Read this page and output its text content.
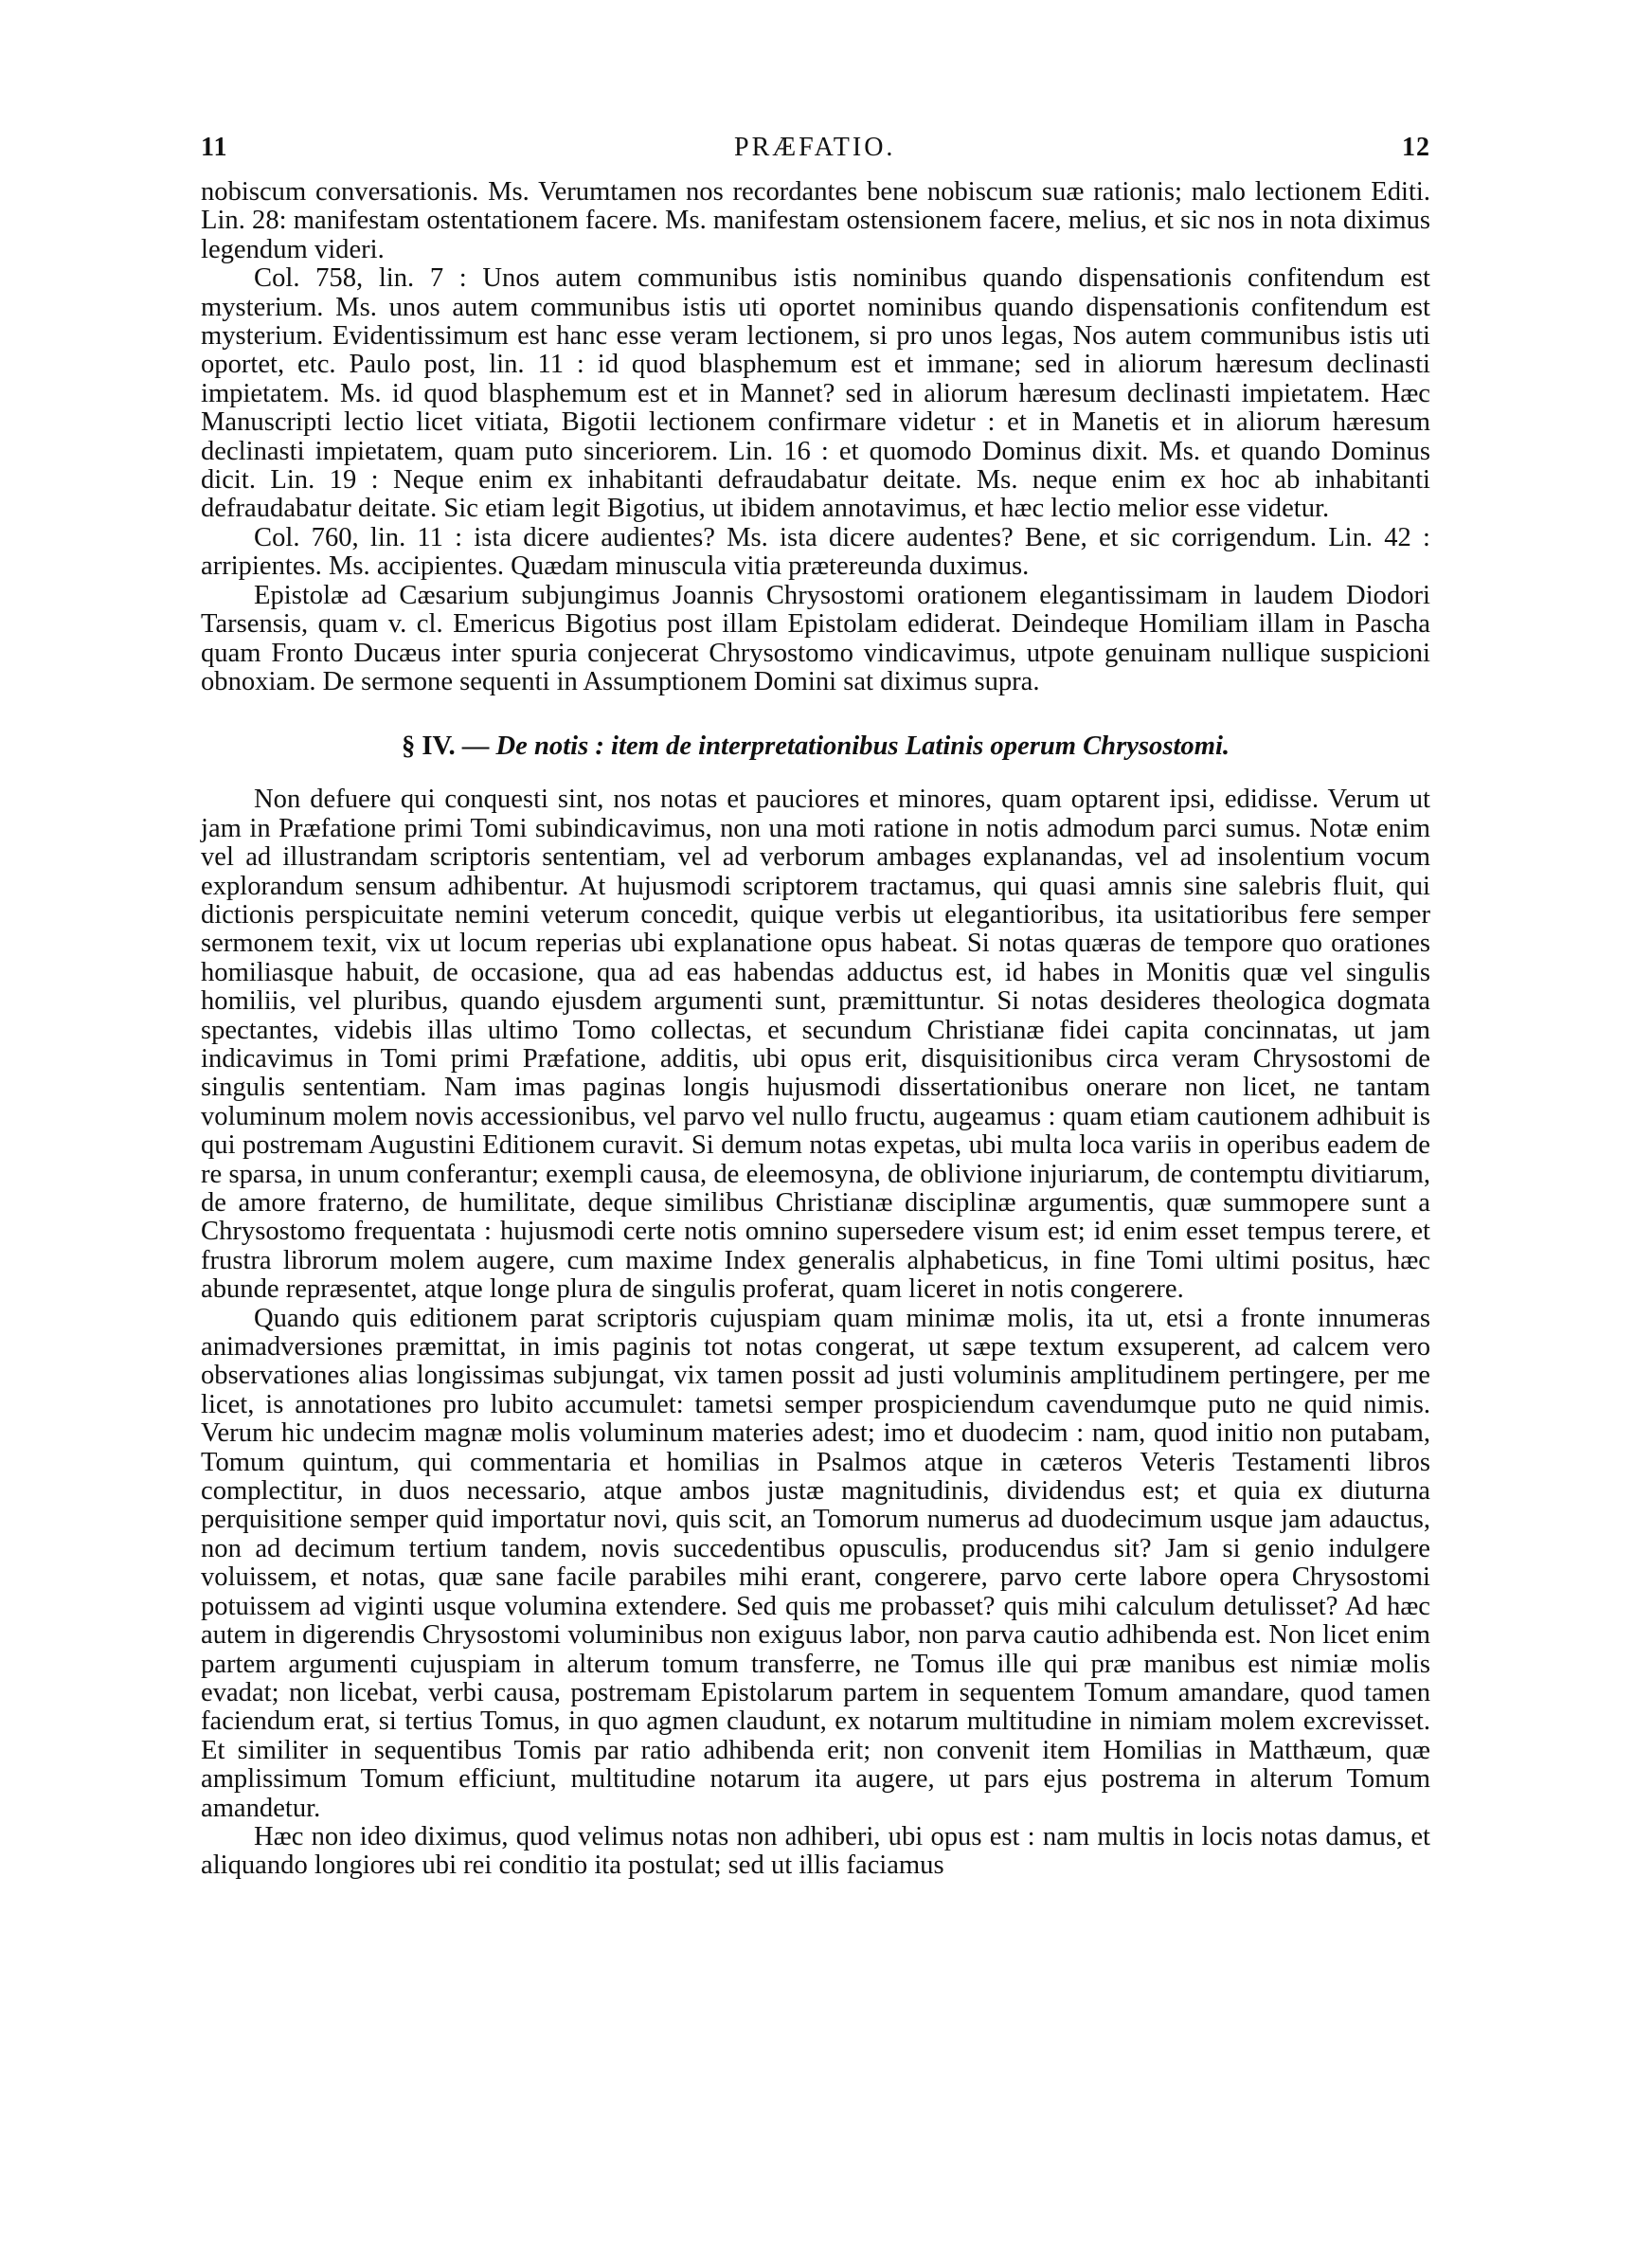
11	PRÆFATIO.	12

nobiscum conversationis. Ms. Verumtamen nos recordantes bene nobiscum suæ rationis; malo lectionem Editi. Lin. 28: manifestam ostentationem facere. Ms. manifestam ostensionem facere, melius, et sic nos in nota diximus legendum videri.

Col. 758, lin. 7 : Unos autem communibus istis nominibus quando dispensationis confitendum est mysterium. Ms. unos autem communibus istis uti oportet nominibus quando dispensationis confitendum est mysterium. Evidentissimum est hanc esse veram lectionem, si pro unos legas, Nos autem communibus istis uti oportet, etc. Paulo post, lin. 11 : id quod blasphemum est et immane; sed in aliorum hæresum declinasti impietatem. Ms. id quod blasphemum est et in Mannet? sed in aliorum hæresum declinasti impietatem. Hæc Manuscripti lectio licet vitiata, Bigotii lectionem confirmare videtur : et in Manetis et in aliorum hæresum declinasti impietatem, quam puto sinceriorem. Lin. 16 : et quomodo Dominus dixit. Ms. et quando Dominus dicit. Lin. 19 : Neque enim ex inhabitanti defraudabatur deitate. Ms. neque enim ex hoc ab inhabitanti defraudabatur deitate. Sic etiam legit Bigotius, ut ibidem annotavimus, et hæc lectio melior esse videtur.

Col. 760, lin. 11 : ista dicere audientes? Ms. ista dicere audentes? Bene, et sic corrigendum. Lin. 42 : arripientes. Ms. accipientes. Quædam minuscula vitia prætereunda duximus.

Epistolæ ad Cæsarium subjungimus Joannis Chrysostomi orationem elegantissimam in laudem Diodori Tarsensis, quam v. cl. Emericus Bigotius post illam Epistolam ediderat. Deindeque Homiliam illam in Pascha quam Fronto Ducæus inter spuria conjecerat Chrysostomo vindicavimus, utpote genuinam nullique suspicioni obnoxiam. De sermone sequenti in Assumptionem Domini sat diximus supra.

§ IV. — De notis : item de interpretationibus Latinis operum Chrysostomi.

Non defuere qui conquesti sint, nos notas et pauciores et minores, quam optarent ipsi, edidisse. Verum ut jam in Præfatione primi Tomi subindicavimus, non una moti ratione in notis admodum parci sumus. Notæ enim vel ad illustrandam scriptoris sententiam, vel ad verborum ambages explanandas, vel ad insolentium vocum explorandum sensum adhibentur. At hujusmodi scriptorem tractamus, qui quasi amnis sine salebris fluit, qui dictionis perspicuitate nemini veterum concedit, quique verbis ut elegantioribus, ita usitatioribus fere semper sermonem texit, vix ut locum reperias ubi explanatione opus habeat. Si notas quæras de tempore quo orationes homiliasque habuit, de occasione, qua ad eas habendas adductus est, id habes in Monitis quæ vel singulis homiliis, vel pluribus, quando ejusdem argumenti sunt, præmittuntur. Si notas desideres theologica dogmata spectantes, videbis illas ultimo Tomo collectas, et secundum Christianæ fidei capita concinnatas, ut jam indicavimus in Tomi primi Præfatione, additis, ubi opus erit, disquisitionibus circa veram Chrysostomi de singulis sententiam. Nam imas paginas longis hujusmodi dissertationibus onerare non licet, ne tantam voluminum molem novis accessionibus, vel parvo vel nullo fructu, augeamus : quam etiam cautionem adhibuit is qui postremam Augustini Editionem curavit. Si demum notas expetas, ubi multa loca variis in operibus eadem de re sparsa, in unum conferantur; exempli causa, de eleemosyna, de oblivione injuriarum, de contemptu divitiarum, de amore fraterno, de humilitate, deque similibus Christianæ disciplinæ argumentis, quæ summopere sunt a Chrysostomo frequentata : hujusmodi certe notis omnino supersedere visum est; id enim esset tempus terere, et frustra librorum molem augere, cum maxime Index generalis alphabeticus, in fine Tomi ultimi positus, hæc abunde repræsentet, atque longe plura de singulis proferat, quam liceret in notis congerere.

Quando quis editionem parat scriptoris cujuspiam quam minimæ molis, ita ut, etsi a fronte innumeras animadversiones præmittat, in imis paginis tot notas congerat, ut sæpe textum exsuperent, ad calcem vero observationes alias longissimas subjungat, vix tamen possit ad justi voluminis amplitudinem pertingere, per me licet, is annotationes pro lubito accumulet: tametsi semper prospiciendum cavendumque puto ne quid nimis. Verum hic undecim magnæ molis voluminum materies adest; imo et duodecim : nam, quod initio non putabam, Tomum quintum, qui commentaria et homilias in Psalmos atque in cæteros Veteris Testamenti libros complectitur, in duos necessario, atque ambos justæ magnitudinis, dividendus est; et quia ex diuturna perquisitione semper quid importatur novi, quis scit, an Tomorum numerus ad duodecimum usque jam adauctus, non ad decimum tertium tandem, novis succedentibus opusculis, producendus sit? Jam si genio indulgere voluissem, et notas, quæ sane facile parabiles mihi erant, congerere, parvo certe labore opera Chrysostomi potuissem ad viginti usque volumina extendere. Sed quis me probasset? quis mihi calculum detulisset? Ad hæc autem in digerendis Chrysostomi voluminibus non exiguus labor, non parva cautio adhibenda est. Non licet enim partem argumenti cujuspiam in alterum tomum transferre, ne Tomus ille qui præ manibus est nimiæ molis evadat; non licebat, verbi causa, postremam Epistolarum partem in sequentem Tomum amandare, quod tamen faciendum erat, si tertius Tomus, in quo agmen claudunt, ex notarum multitudine in nimiam molem excrevisset. Et similiter in sequentibus Tomis par ratio adhibenda erit; non convenit item Homilias in Matthæum, quæ amplissimum Tomum efficiunt, multitudine notarum ita augere, ut pars ejus postrema in alterum Tomum amandetur.

Hæc non ideo diximus, quod velimus notas non adhiberi, ubi opus est : nam multis in locis notas damus, et aliquando longiores ubi rei conditio ita postulat; sed ut illis faciamus
